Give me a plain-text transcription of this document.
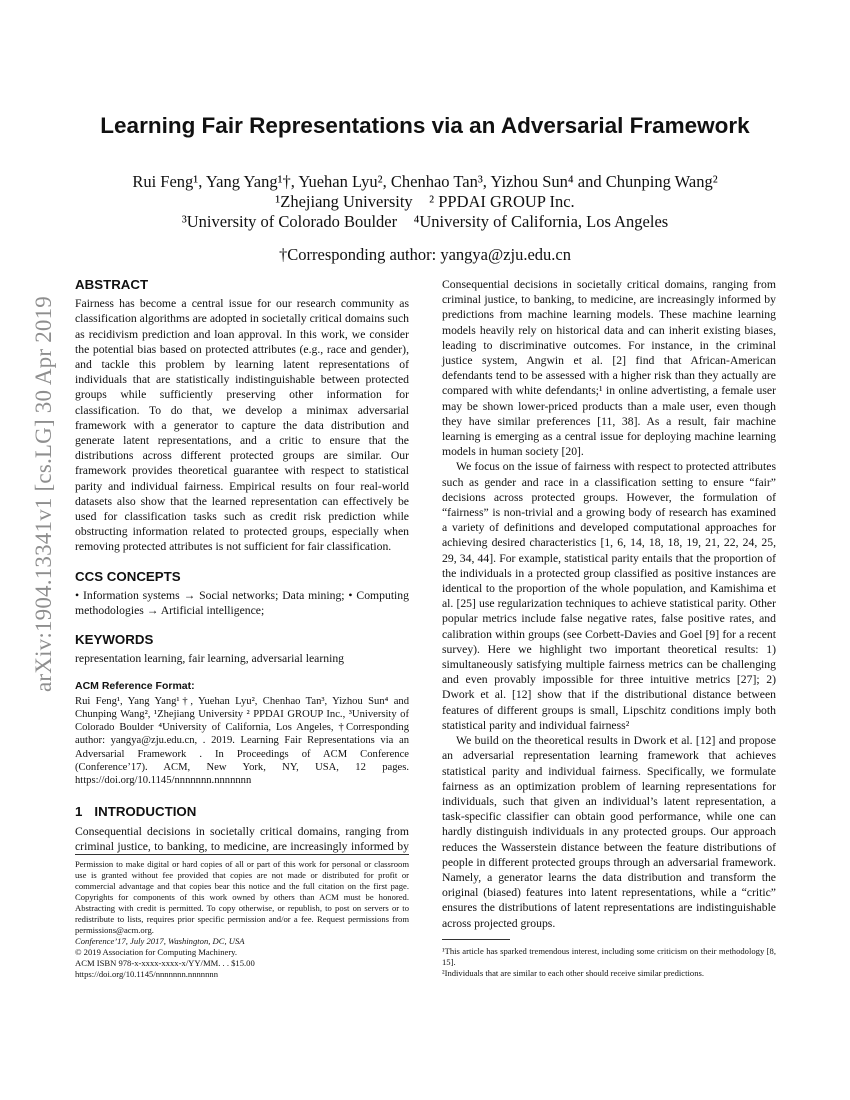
arXiv:1904.13341v1 [cs.LG] 30 Apr 2019
Learning Fair Representations via an Adversarial Framework

Rui Feng¹, Yang Yang¹†, Yuehan Lyu², Chenhao Tan³, Yizhou Sun⁴ and Chunping Wang²

¹Zhejiang University    ² PPDAI GROUP Inc.

³University of Colorado Boulder    ⁴University of California, Los Angeles

†Corresponding author: yangya@zju.edu.cn

ABSTRACT

Fairness has become a central issue for our research community as classification algorithms are adopted in societally critical domains such as recidivism prediction and loan approval. In this work, we consider the potential bias based on protected attributes (e.g., race and gender), and tackle this problem by learning latent representations of individuals that are statistically indistinguishable between protected groups while sufficiently preserving other information for classification. To do that, we develop a minimax adversarial framework with a generator to capture the data distribution and generate latent representations, and a critic to ensure that the distributions across different protected groups are similar. Our framework provides theoretical guarantee with respect to statistical parity and individual fairness. Empirical results on four real-world datasets also show that the learned representation can effectively be used for classification tasks such as credit risk prediction while obstructing information related to protected groups, especially when removing protected attributes is not sufficient for fair classification.

CCS CONCEPTS

• Information systems → Social networks; Data mining; • Computing methodologies → Artificial intelligence;

KEYWORDS

representation learning, fair learning, adversarial learning

ACM Reference Format:

Rui Feng¹, Yang Yang¹†, Yuehan Lyu², Chenhao Tan³, Yizhou Sun⁴ and Chunping Wang², ¹Zhejiang University ² PPDAI GROUP Inc., ³University of Colorado Boulder ⁴University of California, Los Angeles, †Corresponding author: yangya@zju.edu.cn, . 2019. Learning Fair Representations via an Adversarial Framework . In Proceedings of ACM Conference (Conference’17). ACM, New York, NY, USA, 12 pages. https://doi.org/10.1145/nnnnnnn.nnnnnnn

1 INTRODUCTION

Consequential decisions in societally critical domains, ranging from criminal justice, to banking, to medicine, are increasingly informed by

Permission to make digital or hard copies of all or part of this work for personal or classroom use is granted without fee provided that copies are not made or distributed for profit or commercial advantage and that copies bear this notice and the full citation on the first page. Copyrights for components of this work owned by others than ACM must be honored. Abstracting with credit is permitted. To copy otherwise, or republish, to post on servers or to redistribute to lists, requires prior specific permission and/or a fee. Request permissions from permissions@acm.org.

Conference’17, July 2017, Washington, DC, USA

© 2019 Association for Computing Machinery.

ACM ISBN 978-x-xxxx-xxxx-x/YY/MM. . . $15.00

https://doi.org/10.1145/nnnnnnn.nnnnnnn

Consequential decisions in societally critical domains, ranging from criminal justice, to banking, to medicine, are increasingly informed by predictions from machine learning models. These machine learning models heavily rely on historical data and can inherit existing biases, leading to discriminative outcomes. For instance, in the criminal justice system, Angwin et al. [2] find that African-American defendants tend to be assessed with a higher risk than they actually are compared with white defendants;¹ in online advertisting, a female user may be shown lower-priced products than a male user, even though they have similar preferences [11, 38]. As a result, fair machine learning is emerging as a central issue for deploying machine learning models in human society [20].

We focus on the issue of fairness with respect to protected attributes such as gender and race in a classification setting to ensure “fair” decisions across protected groups. However, the formulation of “fairness” is non-trivial and a growing body of research has examined a variety of definitions and developed computational approaches for achieving desired characteristics [1, 6, 14, 18, 18, 19, 21, 22, 24, 25, 29, 34, 44]. For example, statistical parity entails that the proportion of the individuals in a protected group classified as positive instances are identical to the proportion of the whole population, and Kamishima et al. [25] use regularization techniques to achieve statistical parity. Other popular metrics include false negative rates, false positive rates, and calibration within groups (see Corbett-Davies and Goel [9] for a recent survey). Here we highlight two important theoretical results: 1) simultaneously satisfying multiple fairness metrics can be challenging and even provably impossible for three intuitive metrics [27]; 2) Dwork et al. [12] show that if the distributional distance between features of different groups is small, Lipschitz conditions imply both statistical parity and individual fairness²

We build on the theoretical results in Dwork et al. [12] and propose an adversarial representation learning framework that achieves statistical parity and individual fairness. Specifically, we formulate fairness as an optimization problem of learning representations for individuals, such that given an individual’s latent representation, a task-specific classifier can obtain good performance, while one can hardly distinguish individuals in any protected groups. Our approach reduces the Wasserstein distance between the feature distributions of people in different protected groups through an adversarial framework. Namely, a generator learns the data distribution and transform the original (biased) features into latent representations, while a “critic” ensures the distributions of latent representations are indistinguishable across projected groups.

¹This article has sparked tremendous interest, including some criticism on their methodology [8, 15].

²Individuals that are similar to each other should receive similar predictions.
